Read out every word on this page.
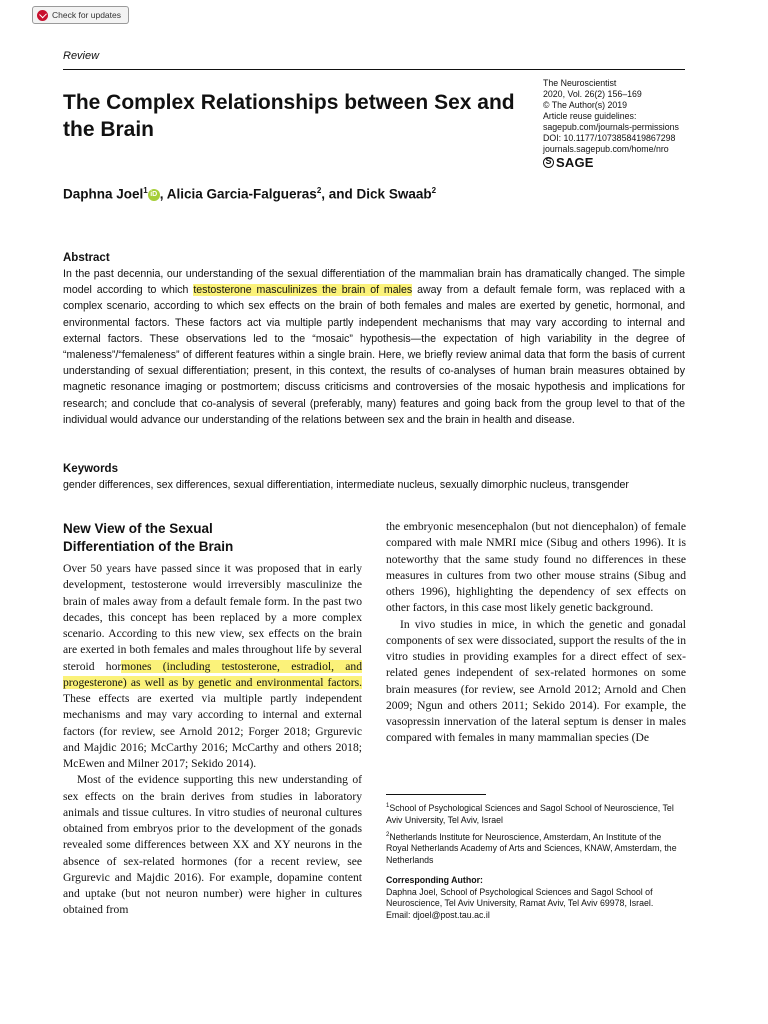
Check for updates
Review
The Complex Relationships between Sex and the Brain
The Neuroscientist
2020, Vol. 26(2) 156–169
© The Author(s) 2019
Article reuse guidelines:
sagepub.com/journals-permissions
DOI: 10.1177/1073858419867298
journals.sagepub.com/home/nro
S
SAGE
Daphna Joel$^1$ iD , Alicia Garcia-Falgueras$^2$, and Dick Swaab$^2$
Abstract

In the past decennia, our understanding of the sexual differentiation of the mammalian brain has dramatically changed. The simple model according to which testosterone masculinizes the brain of males away from a default female form, was replaced with a complex scenario, according to which sex effects on the brain of both females and males are exerted by genetic, hormonal, and environmental factors. These factors act via multiple partly independent mechanisms that may vary according to internal and external factors. These observations led to the “mosaic” hypothesis—the expectation of high variability in the degree of “maleness”/“femaleness” of different features within a single brain. Here, we briefly review animal data that form the basis of current understanding of sexual differentiation; present, in this context, the results of co-analyses of human brain measures obtained by magnetic resonance imaging or postmortem; discuss criticisms and controversies of the mosaic hypothesis and implications for research; and conclude that co-analysis of several (preferably, many) features and going back from the group level to that of the individual would advance our understanding of the relations between sex and the brain in health and disease.

Keywords
gender differences, sex differences, sexual differentiation, intermediate nucleus, sexually dimorphic nucleus, transgender
New View of the Sexual
Differentiation of the Brain

Over 50 years have passed since it was proposed that in early development, testosterone would irreversibly masculinize the brain of males away from a default female form. In the past two decades, this concept has been replaced by a more complex scenario. According to this new view, sex effects on the brain are exerted in both females and males throughout life by several steroid hormones (including testosterone, estradiol, and progesterone) as well as by genetic and environmental factors. These effects are exerted via multiple partly independent mechanisms and may vary according to internal and external factors (for review, see Arnold 2012; Forger 2018; Grgurevic and Majdic 2016; McCarthy 2016; McCarthy and others 2018; McEwen and Milner 2017; Sekido 2014).

Most of the evidence supporting this new understanding of sex effects on the brain derives from studies in laboratory animals and tissue cultures. In vitro studies of neuronal cultures obtained from embryos prior to the development of the gonads revealed some differences between XX and XY neurons in the absence of sex-related hormones (for a recent review, see Grgurevic and Majdic 2016). For example, dopamine content and uptake (but not neuron number) were higher in cultures obtained from

the embryonic mesencephalon (but not diencephalon) of female compared with male NMRI mice (Sibug and others 1996). It is noteworthy that the same study found no differences in these measures in cultures from two other mouse strains (Sibug and others 1996), highlighting the dependency of sex effects on other factors, in this case most likely genetic background.

In vivo studies in mice, in which the genetic and gonadal components of sex were dissociated, support the results of the in vitro studies in providing examples for a direct effect of sex-related genes independent of sex-related hormones on some brain measures (for review, see Arnold 2012; Arnold and Chen 2009; Ngun and others 2011; Sekido 2014). For example, the vasopressin innervation of the lateral septum is denser in males compared with females in many mammalian species (De

$^1$School of Psychological Sciences and Sagol School of Neuroscience, Tel Aviv University, Tel Aviv, Israel

$^2$Netherlands Institute for Neuroscience, Amsterdam, An Institute of the Royal Netherlands Academy of Arts and Sciences, KNAW, Amsterdam, the Netherlands

Corresponding Author:
Daphna Joel, School of Psychological Sciences and Sagol School of Neuroscience, Tel Aviv University, Ramat Aviv, Tel Aviv 69978, Israel.
Email: djoel@post.tau.ac.il
